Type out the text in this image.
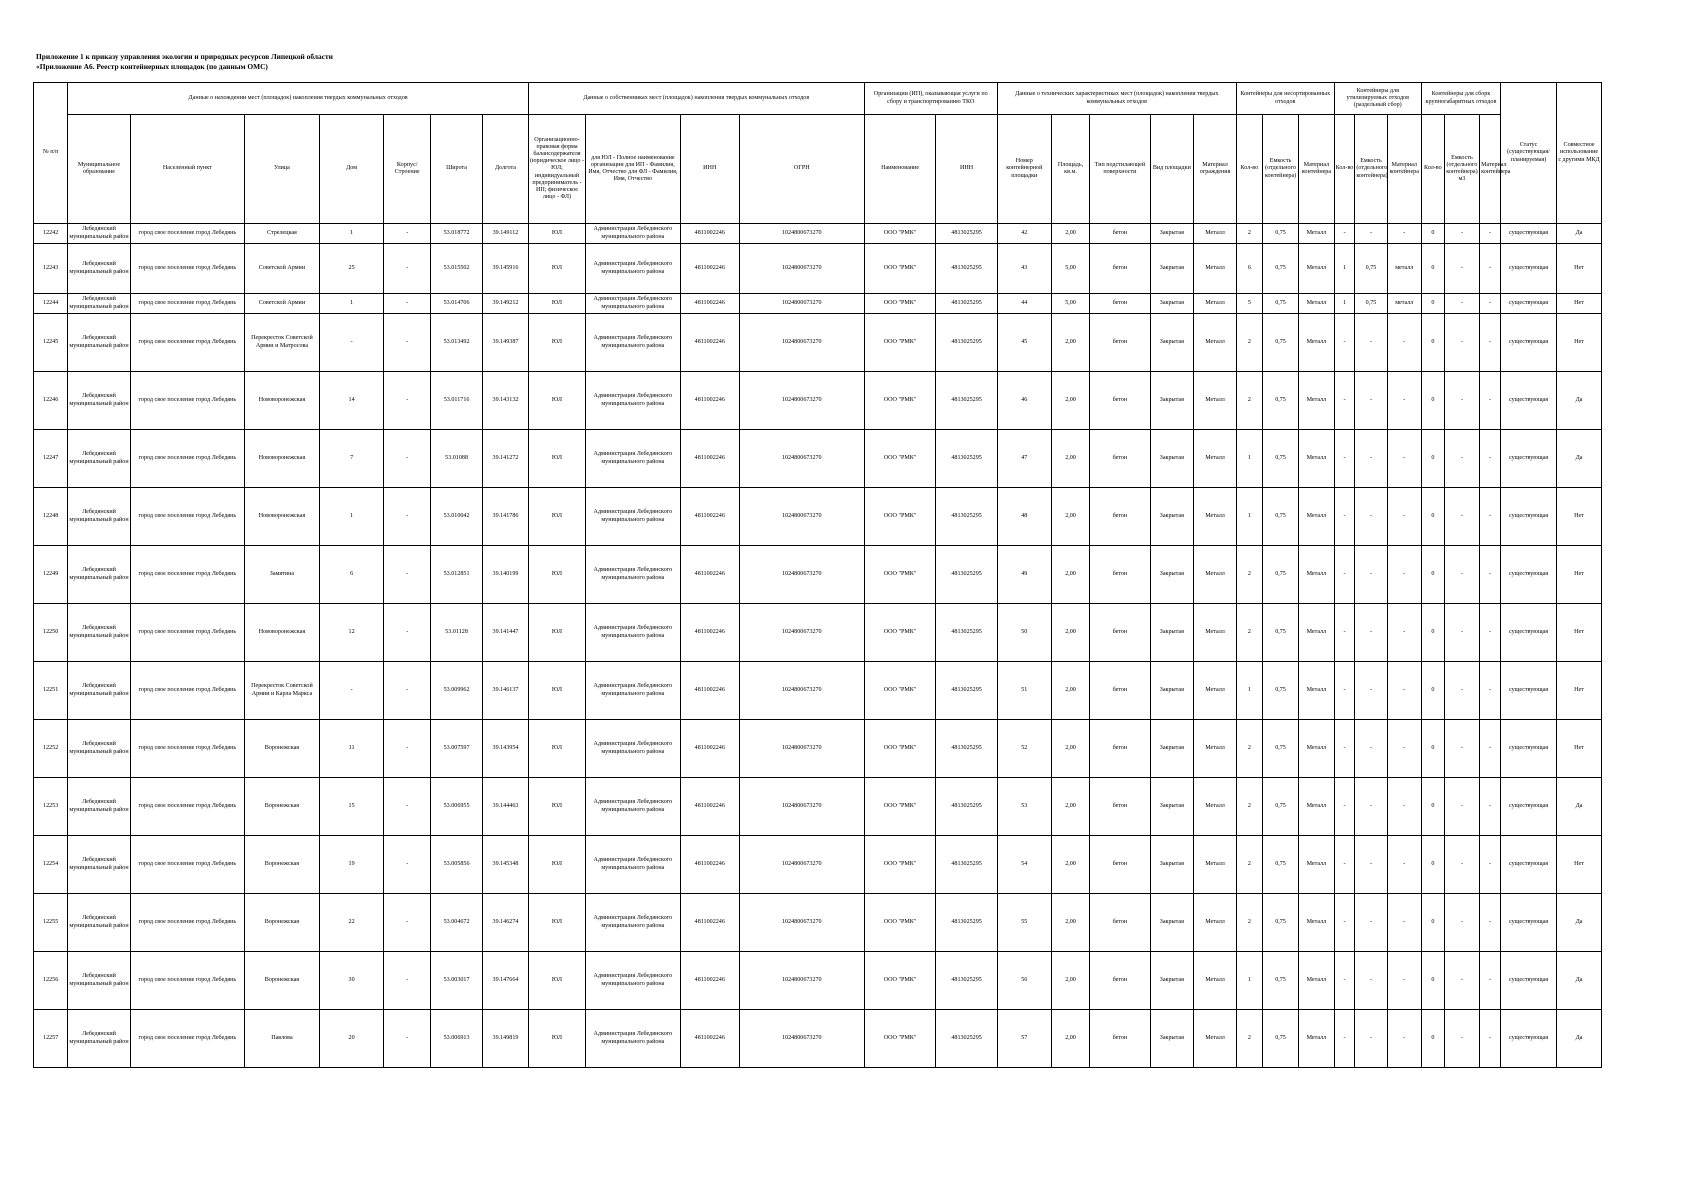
Приложение 1 к приказу управления экологии и природных ресурсов Липецкой области
«Приложение А6. Реестр контейнерных площадок (по данным ОМС)
№ п/п	Данные о нахождении мест (площадок) накопления твердых коммунальных отходов							Данные о собственниках мест (площадок) накопления твердых коммунальных отходов				Организации (ИП), оказывающая услуги по сбору и транспортированию ТКО		Данные о технических характеристиках мест (площадок) накопления твердых коммунальных отходов					Контейнеры для несортированных отходов			Контейнеры для утилизируемых отходов (раздельный сбор)			Контейнеры для сборк крупногабаритных отходов			Статус (существующая/ планируемая)	Совместное использование с другими МКД
	Муниципальное образование	Населенный пункт	Улица	Дом	Корпус/Строение	Широта	Долгота	Организационно-правовая форма балансодержателя (юридическое лицо - ЮЛ; индивидуальный предприниматель - ИП; физическое лицо - ФЛ)	для ЮЛ - Полное наименование организации для ИП - Фамилия, Имя, Отчество для ФЛ - Фамилия, Имя, Отчество	ИНН	ОГРН	Наименование	ИНН	Номер контейнерной площадки	Площадь, кв.м.	Тип подстилающей поверхности	Вид площадки	Материал ограждения	Кол-во	Емкость (отдельного контейнера)	Материал контейнера	Кол-во	Емкость (отдельного контейнера)	Материал контейнера	Кол-во	Емкость (отдельного контейнера) м3	Материал контейнера		
12242	Лебедянский муниципальный район	город свое поселение город Лебедянь	Стрелецкая	1	-	53.018772	39.149112	ЮЛ	Администрация Лебедянского муниципального района	4811002246	1024800673270	ООО "РМК"	4813025295	42	2,00	бетон	Закрытая	Металл	2	0,75	Металл	-	-	-	0	-	-	существующая	Да
12243	Лебедянский муниципальный район	город свое поселение город Лебедянь	Советской Армии	25	-	53.015502	39.145916	ЮЛ	Администрация Лебедянского муниципального района	4811002246	1024800673270	ООО "РМК"	4813025295	43	5,00	бетон	Закрытая	Металл	6	0,75	Металл	1	0,75	металл	0	-	-	существующая	Нет
12244	Лебедянский муниципальный район	город свое поселение город Лебедянь	Советской Армии	1	-	53.014706	39.149212	ЮЛ	Администрация Лебедянского муниципального района	4811002246	1024800673270	ООО "РМК"	4813025295	44	5,00	бетон	Закрытая	Металл	5	0,75	Металл	1	0,75	металл	0	-	-	существующая	Нет
12245	Лебедянский муниципальный район	город свое поселение город Лебедянь	Перекресток Советской Армии и Матросова	-	-	53.013492	39.149387	ЮЛ	Администрация Лебедянского муниципального района	4811002246	1024800673270	ООО "РМК"	4813025295	45	2,00	бетон	Закрытая	Металл	2	0,75	Металл	-	-	-	0	-	-	существующая	Нет
12246	Лебедянский муниципальный район	город свое поселение город Лебедянь	Нововоронежская	14	-	53.011716	39.143132	ЮЛ	Администрация Лебедянского муниципального района	4811002246	1024800673270	ООО "РМК"	4813025295	46	2,00	бетон	Закрытая	Металл	2	0,75	Металл	-	-	-	0	-	-	существующая	Да
12247	Лебедянский муниципальный район	город свое поселение город Лебедянь	Нововоронежская	7	-	53.01088	39.141272	ЮЛ	Администрация Лебедянского муниципального района	4811002246	1024800673270	ООО "РМК"	4813025295	47	2,00	бетон	Закрытая	Металл	1	0,75	Металл	-	-	-	0	-	-	существующая	Да
12248	Лебедянский муниципальный район	город свое поселение город Лебедянь	Нововоронежская	1	-	53.010042	39.141786	ЮЛ	Администрация Лебедянского муниципального района	4811002246	1024800673270	ООО "РМК"	4813025295	48	2,00	бетон	Закрытая	Металл	1	0,75	Металл	-	-	-	0	-	-	существующая	Нет
12249	Лебедянский муниципальный район	город свое поселение город Лебедянь	Замятина	6	-	53.012851	39.140199	ЮЛ	Администрация Лебедянского муниципального района	4811002246	1024800673270	ООО "РМК"	4813025295	49	2,00	бетон	Закрытая	Металл	2	0,75	Металл	-	-	-	0	-	-	существующая	Нет
12250	Лебедянский муниципальный район	город свое поселение город Лебедянь	Нововоронежская	12	-	53.01128	39.141447	ЮЛ	Администрация Лебедянского муниципального района	4811002246	1024800673270	ООО "РМК"	4813025295	50	2,00	бетон	Закрытая	Металл	2	0,75	Металл	-	-	-	0	-	-	существующая	Нет
12251	Лебедянский муниципальный район	город свое поселение город Лебедянь	Перекресток Советской Армии и Карла Маркса	-	-	53.009962	39.146137	ЮЛ	Администрация Лебедянского муниципального района	4811002246	1024800673270	ООО "РМК"	4813025295	51	2,00	бетон	Закрытая	Металл	1	0,75	Металл	-	-	-	0	-	-	существующая	Нет
12252	Лебедянский муниципальный район	город свое поселение город Лебедянь	Воронежская	11	-	53.007597	39.143954	ЮЛ	Администрация Лебедянского муниципального района	4811002246	1024800673270	ООО "РМК"	4813025295	52	2,00	бетон	Закрытая	Металл	2	0,75	Металл	-	-	-	0	-	-	существующая	Нет
12253	Лебедянский муниципальный район	город свое поселение город Лебедянь	Воронежская	15	-	53.006955	39.144463	ЮЛ	Администрация Лебедянского муниципального района	4811002246	1024800673270	ООО "РМК"	4813025295	53	2,00	бетон	Закрытая	Металл	2	0,75	Металл	-	-	-	0	-	-	существующая	Да
12254	Лебедянский муниципальный район	город свое поселение город Лебедянь	Воронежская	19	-	53.005856	39.145348	ЮЛ	Администрация Лебедянского муниципального района	4811002246	1024800673270	ООО "РМК"	4813025295	54	2,00	бетон	Закрытая	Металл	2	0,75	Металл	-	-	-	0	-	-	существующая	Нет
12255	Лебедянский муниципальный район	город свое поселение город Лебедянь	Воронежская	22	-	53.004672	39.146274	ЮЛ	Администрация Лебедянского муниципального района	4811002246	1024800673270	ООО "РМК"	4813025295	55	2,00	бетон	Закрытая	Металл	2	0,75	Металл	-	-	-	0	-	-	существующая	Да
12256	Лебедянский муниципальный район	город свое поселение город Лебедянь	Воронежская	30	-	53.003017	39.147664	ЮЛ	Администрация Лебедянского муниципального района	4811002246	1024800673270	ООО "РМК"	4813025295	56	2,00	бетон	Закрытая	Металл	1	0,75	Металл	-	-	-	0	-	-	существующая	Да
12257	Лебедянский муниципальный район	город свое поселение город Лебедянь	Павлова	20	-	53.006913	39.149819	ЮЛ	Администрация Лебедянского муниципального района	4811002246	1024800673270	ООО "РМК"	4813025295	57	2,00	бетон	Закрытая	Металл	2	0,75	Металл	-	-	-	0	-	-	существующая	Да
